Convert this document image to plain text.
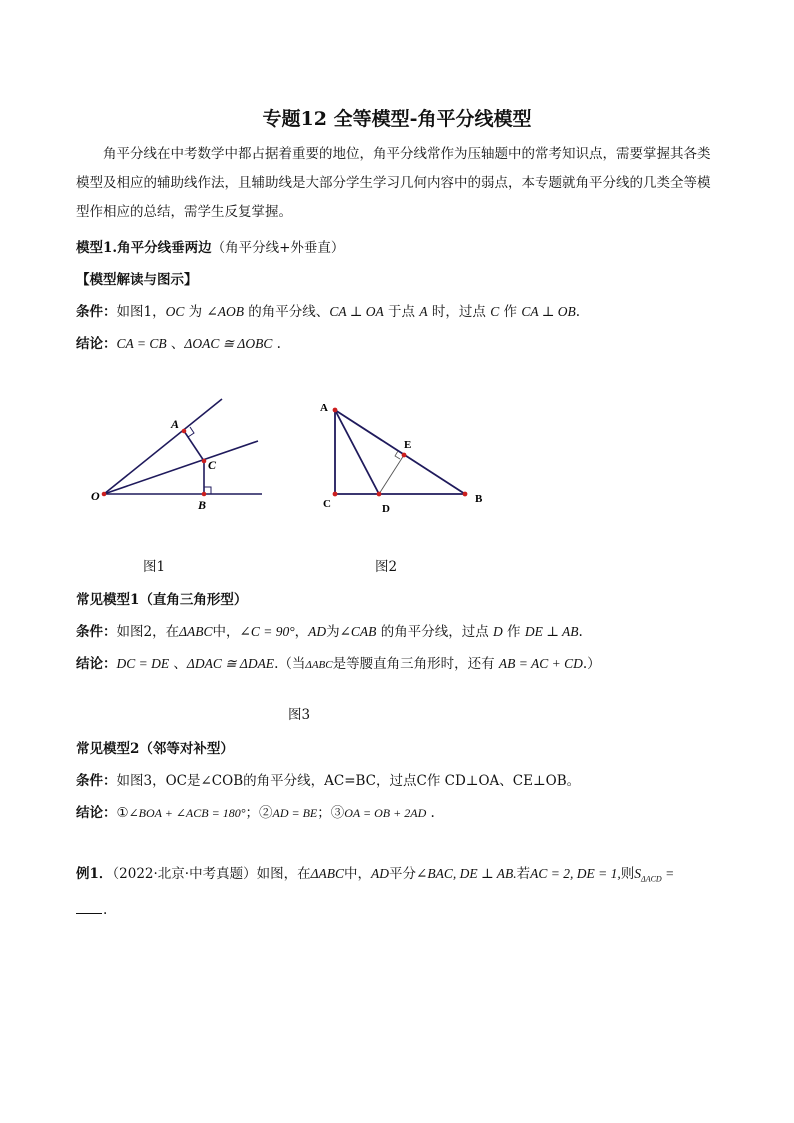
专题12 全等模型-角平分线模型
角平分线在中考数学中都占据着重要的地位，角平分线常作为压轴题中的常考知识点，需要掌握其各类模型及相应的辅助线作法，且辅助线是大部分学生学习几何内容中的弱点，本专题就角平分线的几类全等模型作相应的总结，需学生反复掌握。
模型1.角平分线垂两边（角平分线+外垂直）
【模型解读与图示】
条件：如图1，OC 为 ∠AOB 的角平分线、CA ⊥ OA 于点 A 时，过点 C 作 CA ⊥ OB.
结论：CA = CB 、ΔOAC ≅ ΔOBC .
O
A
C
B
A
C	B
D
E
图1	图2
常见模型1（直角三角形型）
条件：如图2，在ΔABC中，∠C = 90°，AD为∠CAB 的角平分线，过点 D 作 DE ⊥ AB.
结论：DC = DE 、ΔDAC ≅ ΔDAE.（当ΔABC是等腰直角三角形时，还有 AB = AC + CD.）
图3
常见模型2（邻等对补型）
条件：如图3，OC是∠COB的角平分线，AC=BC，过点C作 CD⊥OA、CE⊥OB。
结论：①∠BOA + ∠ACB = 180°；②AD = BE；③OA = OB + 2AD .
例1．（2022·北京·中考真题）如图，在ΔABC中，AD平分∠BAC, DE ⊥ AB.若AC = 2, DE = 1,则$S_{\Delta ACD}$ =
.
